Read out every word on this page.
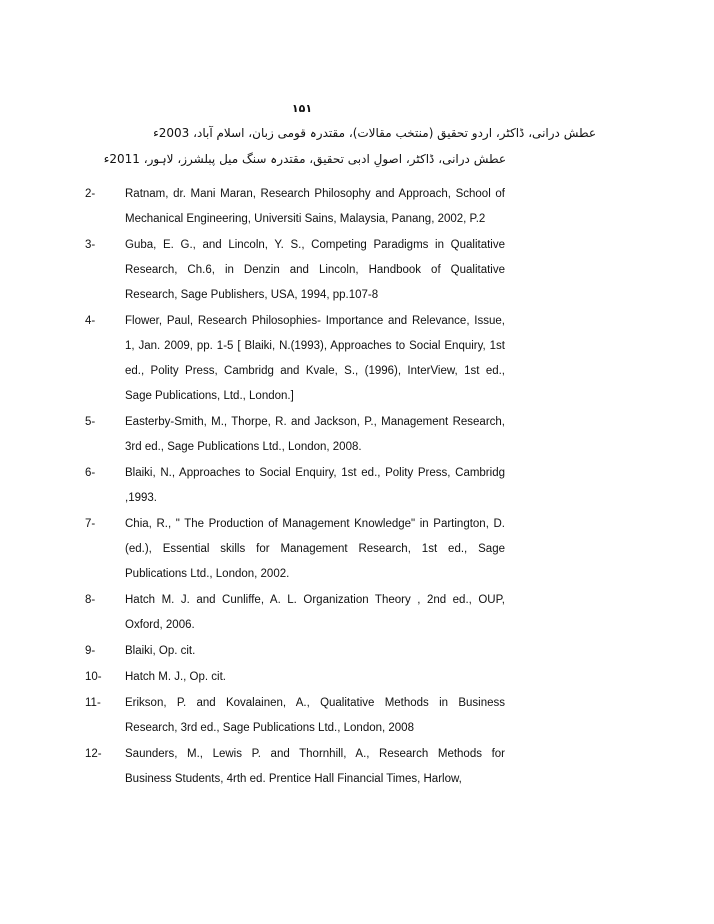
۱۵۱
عطش درانی، ڈاکٹر، اردو تحقیق (منتخب مقالات)، مقتدرہ قومی زبان، اسلام آباد، 2003ء
عطش درانی، ڈاکٹر، اصولِ ادبی تحقیق، مقتدرہ سنگ میل پبلشرز، لاہور، 2011ء
2-	Ratnam, dr. Mani Maran, Research Philosophy and Approach, School of
Mechanical Engineering, Universiti Sains, Malaysia, Panang, 2002, P.2
3-	Guba, E. G., and Lincoln, Y. S., Competing Paradigms in Qualitative
Research, Ch.6, in Denzin and Lincoln, Handbook of Qualitative
Research, Sage Publishers, USA, 1994, pp.107-8
4-	Flower, Paul, Research Philosophies- Importance and Relevance, Issue,
1, Jan. 2009, pp. 1-5 [ Blaiki, N.(1993), Approaches to Social Enquiry, 1st
ed., Polity Press, Cambridg and Kvale, S., (1996), InterView, 1st ed.,
Sage Publications, Ltd., London.]
5-	Easterby-Smith, M., Thorpe, R. and Jackson, P., Management Research,
3rd ed., Sage Publications Ltd., London, 2008.
6-	Blaiki, N., Approaches to Social Enquiry, 1st ed., Polity Press, Cambridg
,1993.
7-	Chia, R., " The Production of Management Knowledge" in Partington, D.
(ed.), Essential skills for Management Research, 1st ed., Sage
Publications Ltd., London, 2002.
8-	Hatch M. J. and Cunliffe, A. L. Organization Theory , 2nd ed., OUP,
Oxford, 2006.
9-	Blaiki, Op. cit.
10- Hatch M. J., Op. cit.
11- Erikson, P. and Kovalainen, A., Qualitative Methods in Business
Research, 3rd ed., Sage Publications Ltd., London, 2008
12- Saunders, M., Lewis P. and Thornhill, A., Research Methods for
Business Students, 4rth ed. Prentice Hall Financial Times, Harlow,
